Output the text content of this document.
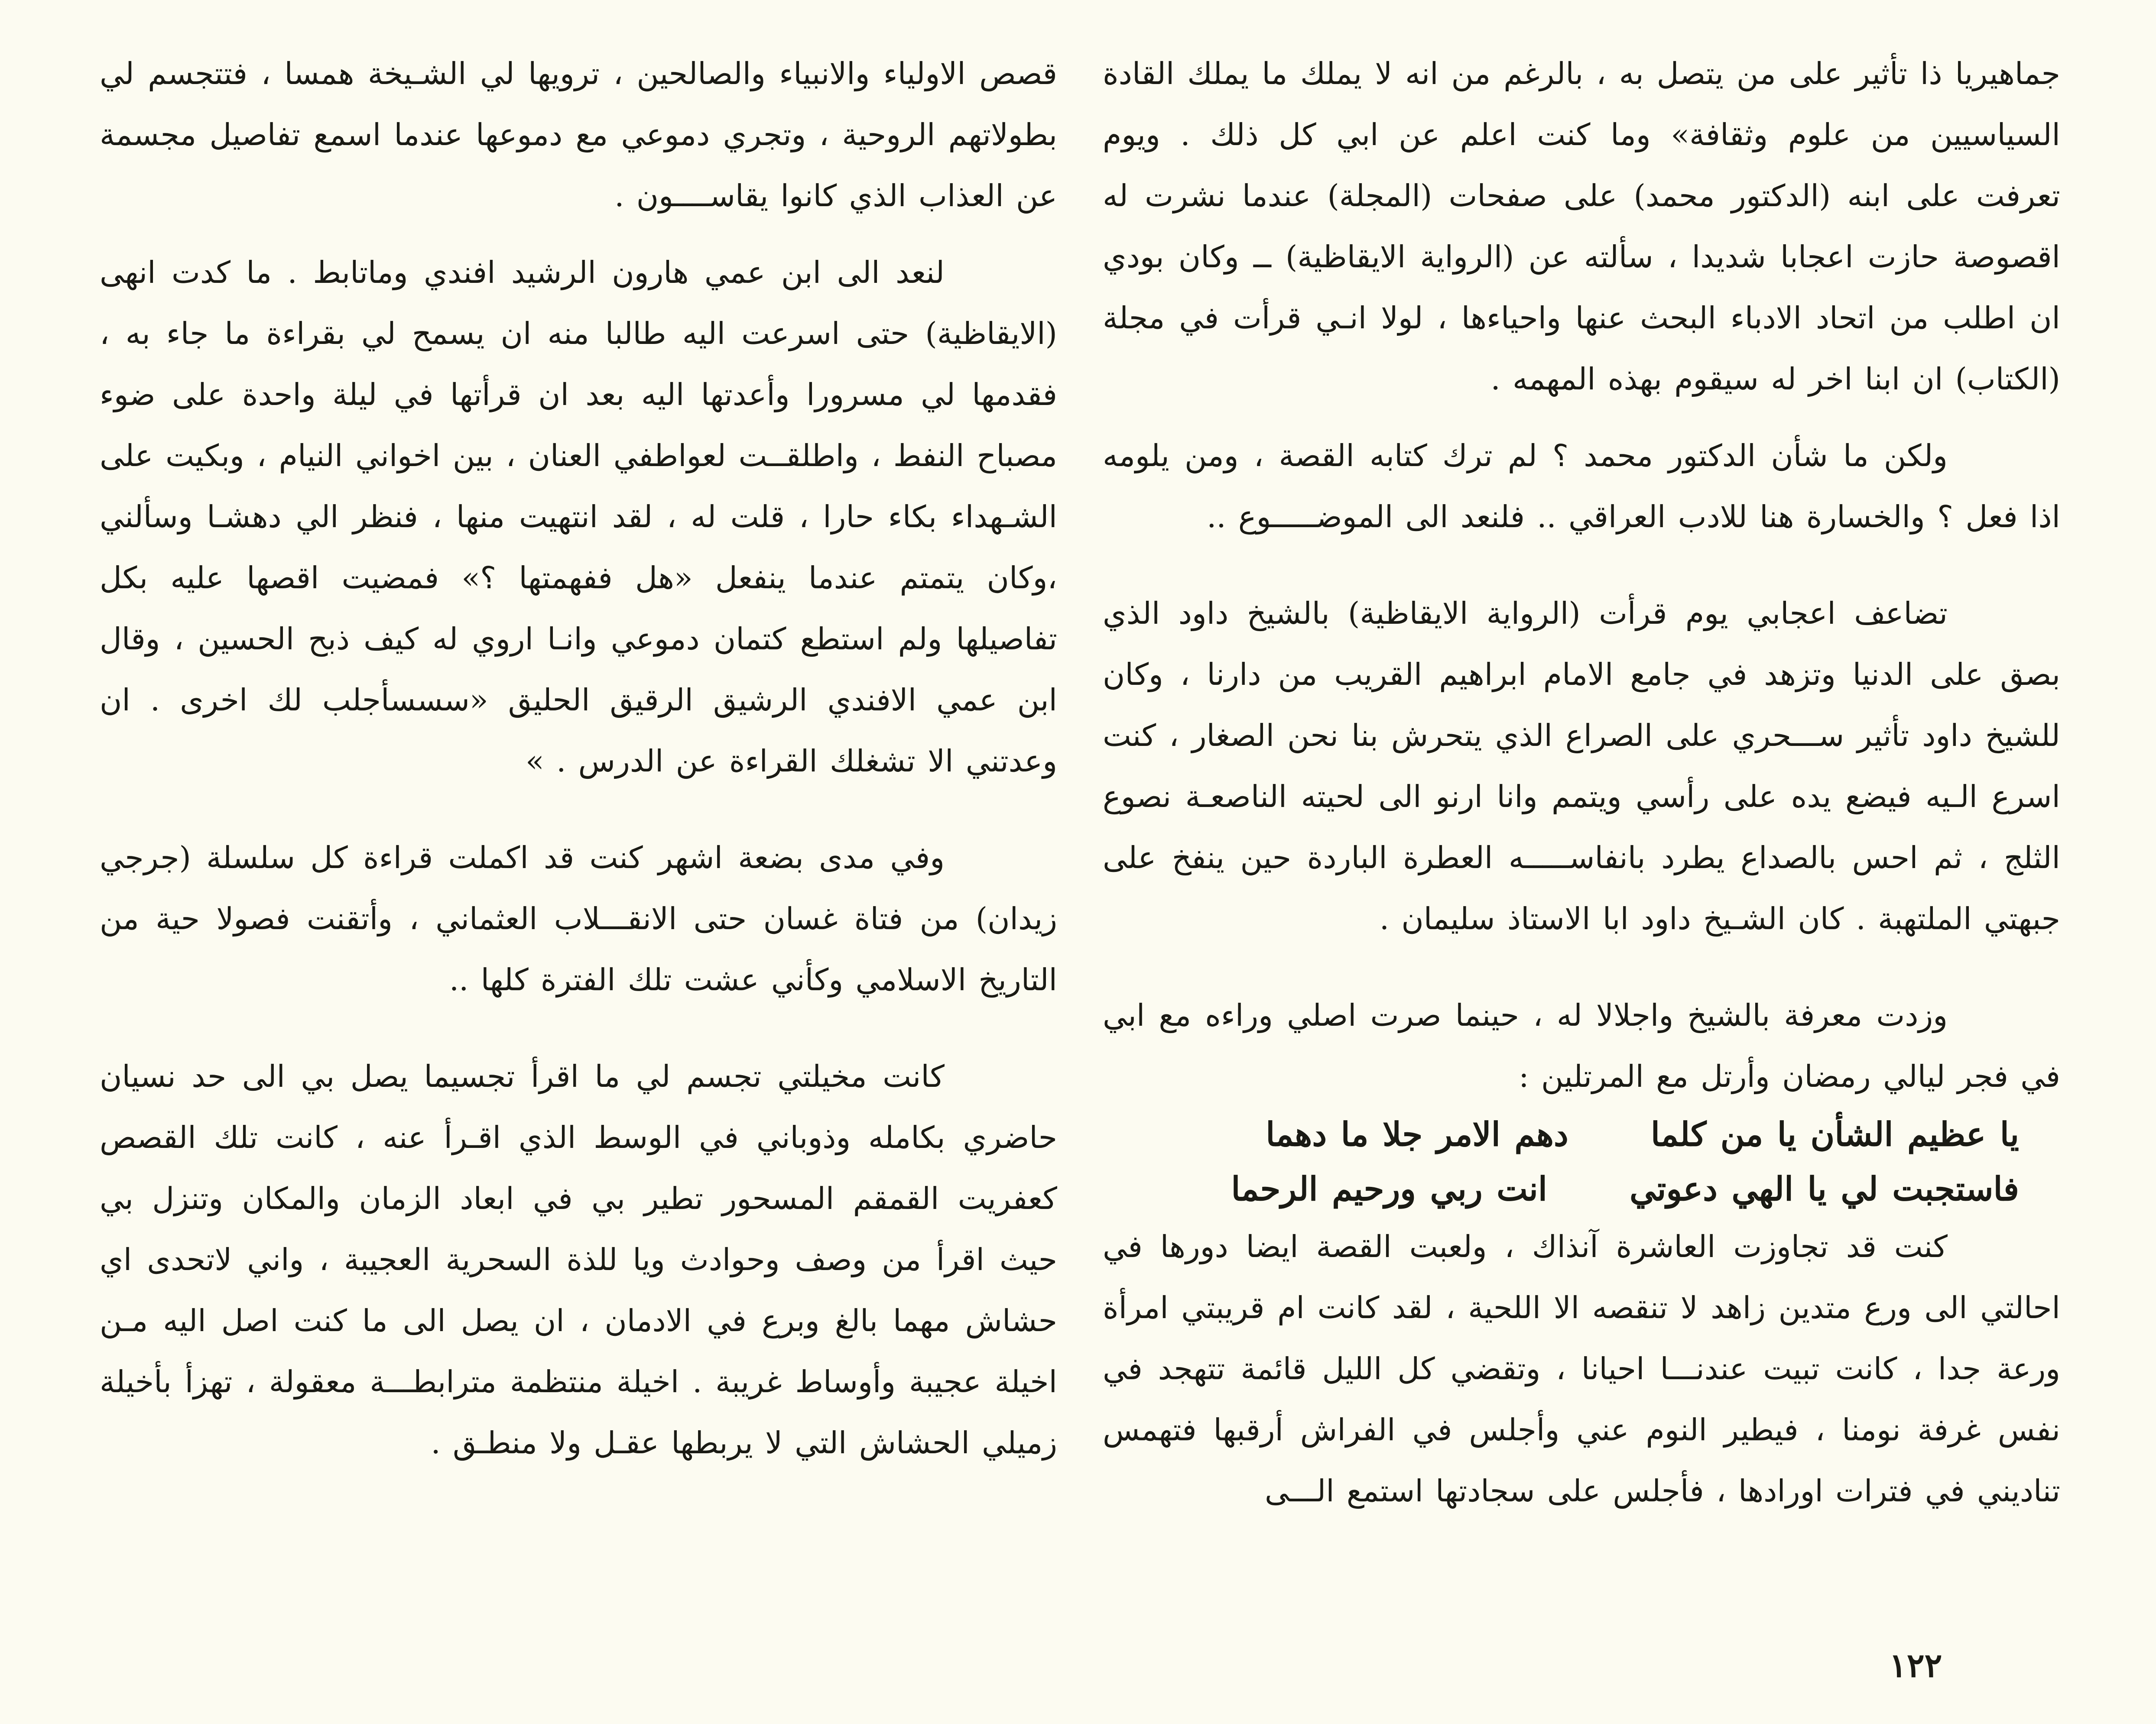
جماهيريا ذا تأثير على من يتصل به ، بالرغم من انه لا يملك ما يملك القادة السياسيين من علوم وثقافة» وما كنت اعلم عن ابي كل ذلك . ويوم تعرفت على ابنه (الدكتور محمد) على صفحات (المجلة) عندما نشرت له اقصوصة حازت اعجابا شديدا ، سألته عن (الرواية الايقاظية) ــ وكان بودي ان اطلب من اتحاد الادباء البحث عنها واحياءها ، لولا انـي قرأت في مجلة (الكتاب) ان ابنا اخر له سيقوم بهذه المهمه .

ولكن ما شأن الدكتور محمد ؟ لم ترك كتابه القصة ، ومن يلومه اذا فعل ؟ والخسارة هنا للادب العراقي .. فلنعد الى الموضـــــوع ..

تضاعف اعجابي يوم قرأت (الرواية الايقاظية) بالشيخ داود الذي بصق على الدنيا وتزهد في جامع الامام ابراهيم القريب من دارنا ، وكان للشيخ داود تأثير ســـحري على الصراع الذي يتحرش بنا نحن الصغار ، كنت اسرع الـيه فيضع يده على رأسي ويتمم وانا ارنو الى لحيته الناصعـة نصوع الثلج ، ثم احس بالصداع يطرد بانفاســـــه العطرة الباردة حين ينفخ على جبهتي الملتهبة . كان الشـيخ داود ابا الاستاذ سليمان .

وزدت معرفة بالشيخ واجلالا له ، حينما صرت اصلي وراءه مع ابي في فجر ليالي رمضان وأرتل مع المرتلين :

يا عظيم الشأن يا من كلما
دهم الامر جلا ما دهما
فاستجبت لي يا الهي دعوتي
انت ربي ورحيم الرحما

كنت قد تجاوزت العاشرة آنذاك ، ولعبت القصة ايضا دورها في احالتي الى ورع متدين زاهد لا تنقصه الا اللحية ، لقد كانت ام قريبتي امرأة ورعة جدا ، كانت تبيت عندنـــا احيانا ، وتقضي كل الليل قائمة تتهجد في نفس غرفة نومنا ، فيطير النوم عني وأجلس في الفراش أرقبها فتهمس تناديني في فترات اورادها ، فأجلس على سجادتها استمع الـــى

قصص الاولياء والانبياء والصالحين ، ترويها لي الشـيخة همسا ، فتتجسم لي بطولاتهم الروحية ، وتجري دموعي مع دموعها عندما اسمع تفاصيل مجسمة عن العذاب الذي كانوا يقاســــون .

لنعد الى ابن عمي هارون الرشيد افندي وماتابط . ما كدت انهى (الايقاظية) حتى اسرعت اليه طالبا منه ان يسمح لي بقراءة ما جاء به ، فقدمها لي مسرورا وأعدتها اليه بعد ان قرأتها في ليلة واحدة على ضوء مصباح النفط ، واطلقــت لعواطفي العنان ، بين اخواني النيام ، وبكيت على الشـهداء بكاء حارا ، قلت له ، لقد انتهيت منها ، فنظر الي دهشـا وسألني ،وكان يتمتم عندما ينفعل «هل ففهمتها ؟» فمضيت اقصها عليه بكل تفاصيلها ولم استطع كتمان دموعي وانـا اروي له كيف ذبح الحسين ، وقال ابن عمي الافندي الرشيق الرقيق الحليق «سسسأجلب لك اخرى . ان وعدتني الا تشغلك القراءة عن الدرس . »

وفي مدى بضعة اشهر كنت قد اكملت قراءة كل سلسلة (جرجي زيدان) من فتاة غسان حتى الانقـــلاب العثماني ، وأتقنت فصولا حية من التاريخ الاسلامي وكأني عشت تلك الفترة كلها ..

كانت مخيلتي تجسم لي ما اقرأ تجسيما يصل بي الى حد نسيان حاضري بكامله وذوباني في الوسط الذي اقـرأ عنه ، كانت تلك القصص كعفريت القمقم المسحور تطير بي في ابعاد الزمان والمكان وتنزل بي حيث اقرأ من وصف وحوادث ويا للذة السحرية العجيبة ، واني لاتحدى اي حشاش مهما بالغ وبرع في الادمان ، ان يصل الى ما كنت اصل اليه مـن اخيلة عجيبة وأوساط غريبة . اخيلة منتظمة مترابطـــة معقولة ، تهزأ بأخيلة زميلي الحشاش التي لا يربطها عقـل ولا منطـق .

١٢٢
